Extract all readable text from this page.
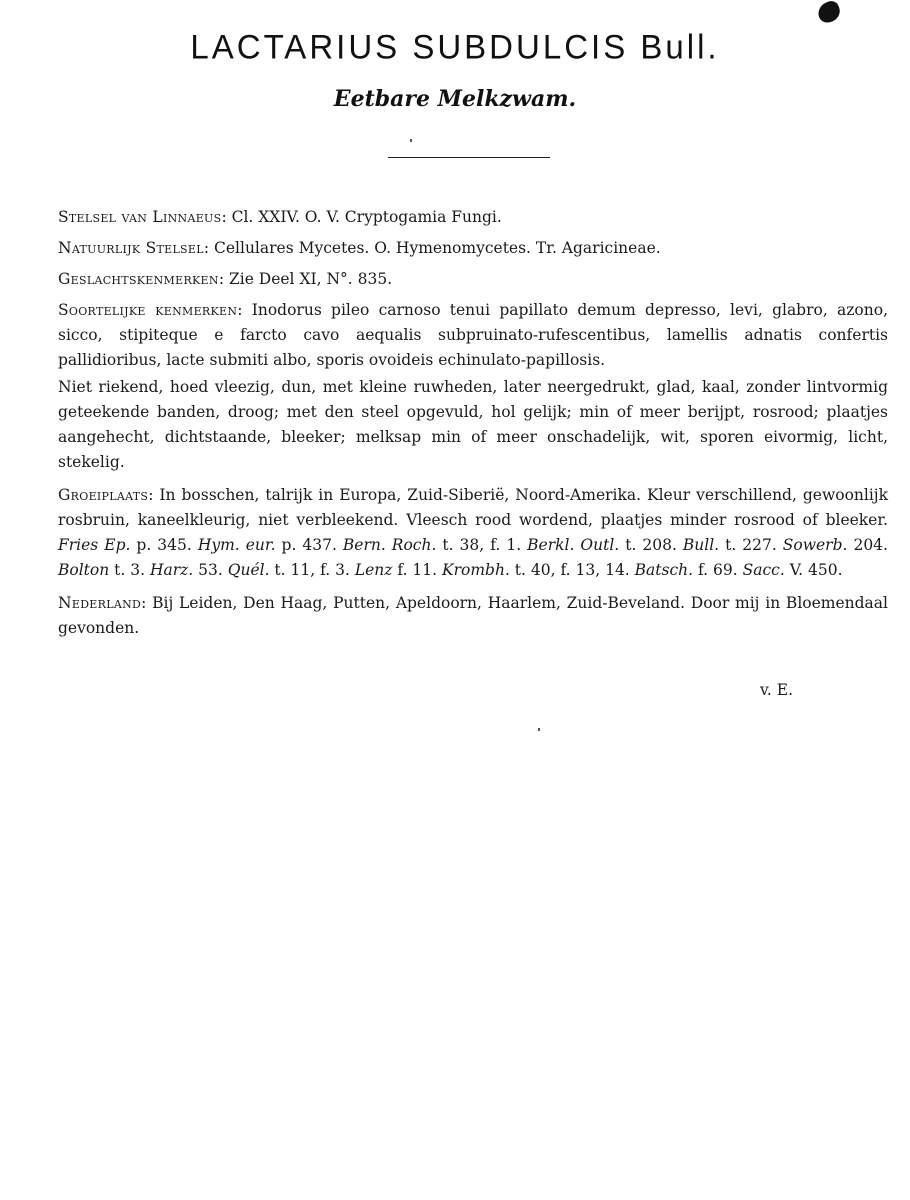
LACTARIUS SUBDULCIS Bull.
Eetbare Melkzwam.

Stelsel van Linnaeus: Cl. XXIV. O. V. Cryptogamia Fungi.

Natuurlijk Stelsel: Cellulares Mycetes. O. Hymenomycetes. Tr. Agaricineae.

Geslachtskenmerken: Zie Deel XI, N°. 835.

Soortelijke kenmerken: Inodorus pileo carnoso tenui papillato demum depresso, levi, glabro, azono, sicco, stipiteque e farcto cavo aequalis subpruinato-rufescentibus, lamellis adnatis confertis pallidioribus, lacte submiti albo, sporis ovoideis echinulato-papillosis.

Niet riekend, hoed vleezig, dun, met kleine ruwheden, later neergedrukt, glad, kaal, zonder lintvormig geteekende banden, droog; met den steel opgevuld, hol gelijk; min of meer berijpt, rosrood; plaatjes aangehecht, dichtstaande, bleeker; melksap min of meer onschadelijk, wit, sporen eivormig, licht, stekelig.

Groeiplaats: In bosschen, talrijk in Europa, Zuid-Siberië, Noord-Amerika. Kleur verschillend, gewoonlijk rosbruin, kaneelkleurig, niet verbleekend. Vleesch rood wordend, plaatjes minder rosrood of bleeker. Fries Ep. p. 345. Hym. eur. p. 437. Bern. Roch. t. 38, f. 1. Berkl. Outl. t. 208. Bull. t. 227. Sowerb. 204. Bolton t. 3. Harz. 53. Quél. t. 11, f. 3. Lenz f. 11. Krombh. t. 40, f. 13, 14. Batsch. f. 69. Sacc. V. 450.

Nederland: Bij Leiden, Den Haag, Putten, Apeldoorn, Haarlem, Zuid-Beveland. Door mij in Bloemendaal gevonden.

v. E.
